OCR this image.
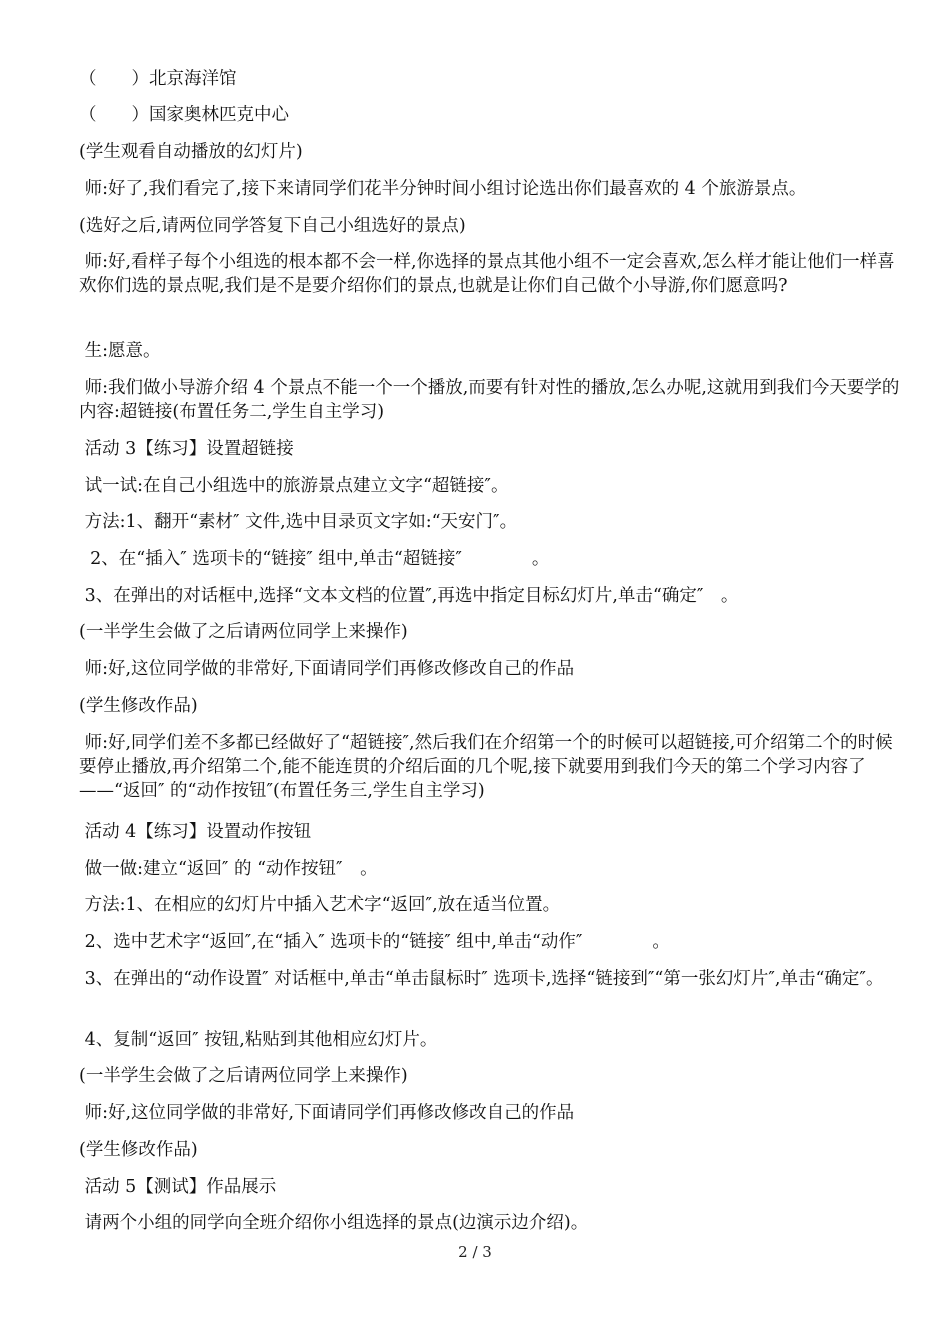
（　　）北京海洋馆
（　　）国家奥林匹克中心
(学生观看自动播放的幻灯片)
师:好了,我们看完了,接下来请同学们花半分钟时间小组讨论选出你们最喜欢的 4 个旅游景点。
(选好之后,请两位同学答复下自己小组选好的景点)
师:好,看样子每个小组选的根本都不会一样,你选择的景点其他小组不一定会喜欢,怎么样才能让他们一样喜欢你们选的景点呢,我们是不是要介绍你们的景点,也就是让你们自己做个小导游,你们愿意吗?
生:愿意。
师:我们做小导游介绍 4 个景点不能一个一个播放,而要有针对性的播放,怎么办呢,这就用到我们今天要学的内容:超链接(布置任务二,学生自主学习)
活动 3【练习】设置超链接
试一试:在自己小组选中的旅游景点建立文字“超链接″。
方法:1、翻开“素材″ 文件,选中目录页文字如:“天安门″。
2、在“插入″ 选项卡的“链接″ 组中,单击“超链接″　　　　。
3、在弹出的对话框中,选择“文本文档的位置″,再选中指定目标幻灯片,单击“确定″　。
(一半学生会做了之后请两位同学上来操作)
师:好,这位同学做的非常好,下面请同学们再修改修改自己的作品
(学生修改作品)
师:好,同学们差不多都已经做好了“超链接″,然后我们在介绍第一个的时候可以超链接,可介绍第二个的时候要停止播放,再介绍第二个,能不能连贯的介绍后面的几个呢,接下就要用到我们今天的第二个学习内容了——“返回″ 的“动作按钮″(布置任务三,学生自主学习)
活动 4【练习】设置动作按钮
做一做:建立“返回″ 的 “动作按钮″　。
方法:1、在相应的幻灯片中插入艺术字“返回″,放在适当位置。
2、选中艺术字“返回″,在“插入″ 选项卡的“链接″ 组中,单击“动作″　　　　。
3、在弹出的“动作设置″ 对话框中,单击“单击鼠标时″ 选项卡,选择“链接到″“第一张幻灯片″,单击“确定″。
4、复制“返回″ 按钮,粘贴到其他相应幻灯片。
(一半学生会做了之后请两位同学上来操作)
师:好,这位同学做的非常好,下面请同学们再修改修改自己的作品
(学生修改作品)
活动 5【测试】作品展示
请两个小组的同学向全班介绍你小组选择的景点(边演示边介绍)。
2 / 3
